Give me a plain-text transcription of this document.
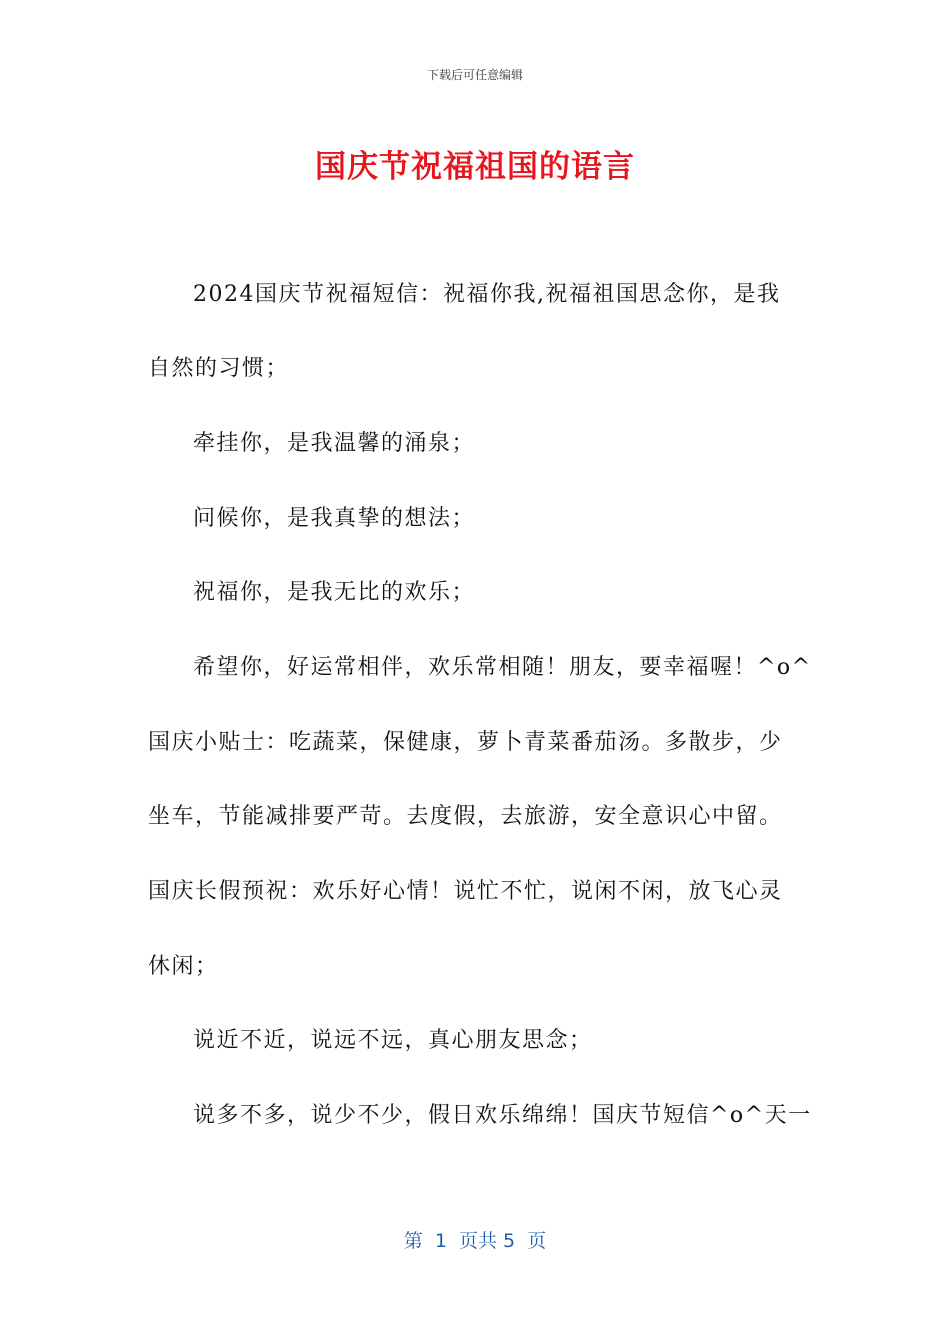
下载后可任意编辑
国庆节祝福祖国的语言
2024国庆节祝福短信：祝福你我,祝福祖国思念你，是我
自然的习惯；
牵挂你，是我温馨的涌泉；
问候你，是我真挚的想法；
祝福你，是我无比的欢乐；
希望你，好运常相伴，欢乐常相随！朋友，要幸福喔！^o^
国庆小贴士：吃蔬菜，保健康，萝卜青菜番茄汤。多散步，少
坐车，节能减排要严苛。去度假，去旅游，安全意识心中留。
国庆长假预祝：欢乐好心情！说忙不忙，说闲不闲，放飞心灵
休闲；
说近不近，说远不远，真心朋友思念；
说多不多，说少不少，假日欢乐绵绵！国庆节短信^o^天一
第  1  页共 5  页
